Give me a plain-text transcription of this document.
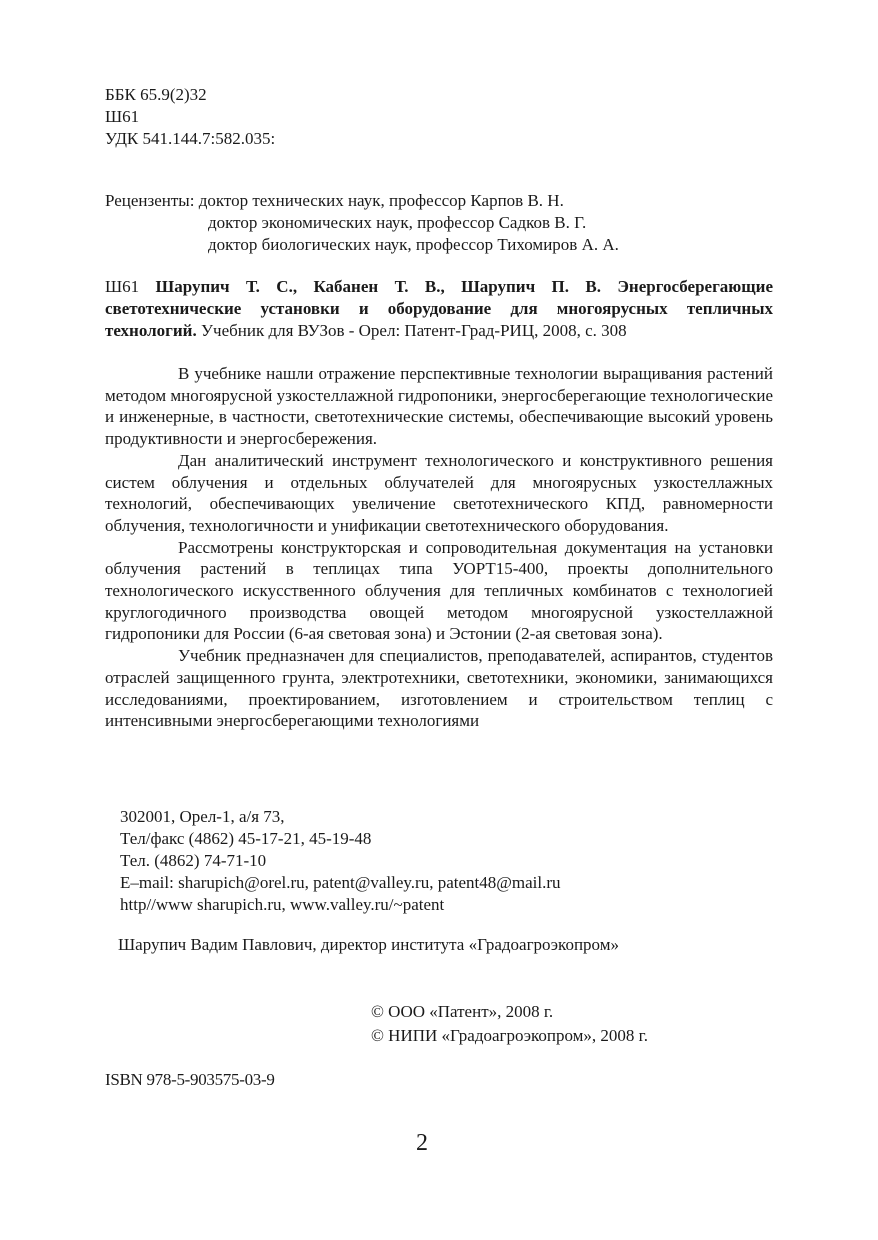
ББК 65.9(2)32
Ш61
УДК 541.144.7:582.035:
Рецензенты: доктор технических наук, профессор Карпов В. Н.
доктор экономических наук, профессор Садков В. Г.
доктор биологических наук, профессор Тихомиров А. А.
Ш61 Шарупич Т. С., Кабанен Т. В., Шарупич П. В. Энергосберегающие светотехнические установки и оборудование для многоярусных тепличных технологий. Учебник для ВУЗов - Орел: Патент-Град-РИЦ, 2008, с. 308

В учебнике нашли отражение перспективные технологии выращивания растений методом многоярусной узкостеллажной гидропоники, энергосберегающие технологические и инженерные, в частности, светотехнические системы, обеспечивающие высокий уровень продуктивности и энергосбережения.

Дан аналитический инструмент технологического и конструктивного решения систем облучения и отдельных облучателей для многоярусных узкостеллажных технологий, обеспечивающих увеличение светотехнического КПД, равномерности облучения, технологичности и унификации светотехнического оборудования.

Рассмотрены конструкторская и сопроводительная документация на установки облучения растений в теплицах типа УОРТ15-400, проекты дополнительного технологического искусственного облучения для тепличных комбинатов с технологией круглогодичного производства овощей методом многоярусной узкостеллажной гидропоники для России (6-ая световая зона) и Эстонии (2-ая световая зона).

Учебник предназначен для специалистов, преподавателей, аспирантов, студентов отраслей защищенного грунта, электротехники, светотехники, экономики, занимающихся исследованиями, проектированием, изготовлением и строительством теплиц с интенсивными энергосберегающими технологиями

302001, Орел-1, а/я 73,
Тел/факс (4862) 45-17-21, 45-19-48
Тел. (4862) 74-71-10
E–mail: sharupich@orel.ru, patent@valley.ru, patent48@mail.ru
http//www sharupich.ru, www.valley.ru/~patent
Шарупич Вадим Павлович, директор института «Градоагроэкопром»
© ООО «Патент», 2008 г.
© НИПИ «Градоагроэкопром», 2008 г.
ISBN 978-5-903575-03-9
2
